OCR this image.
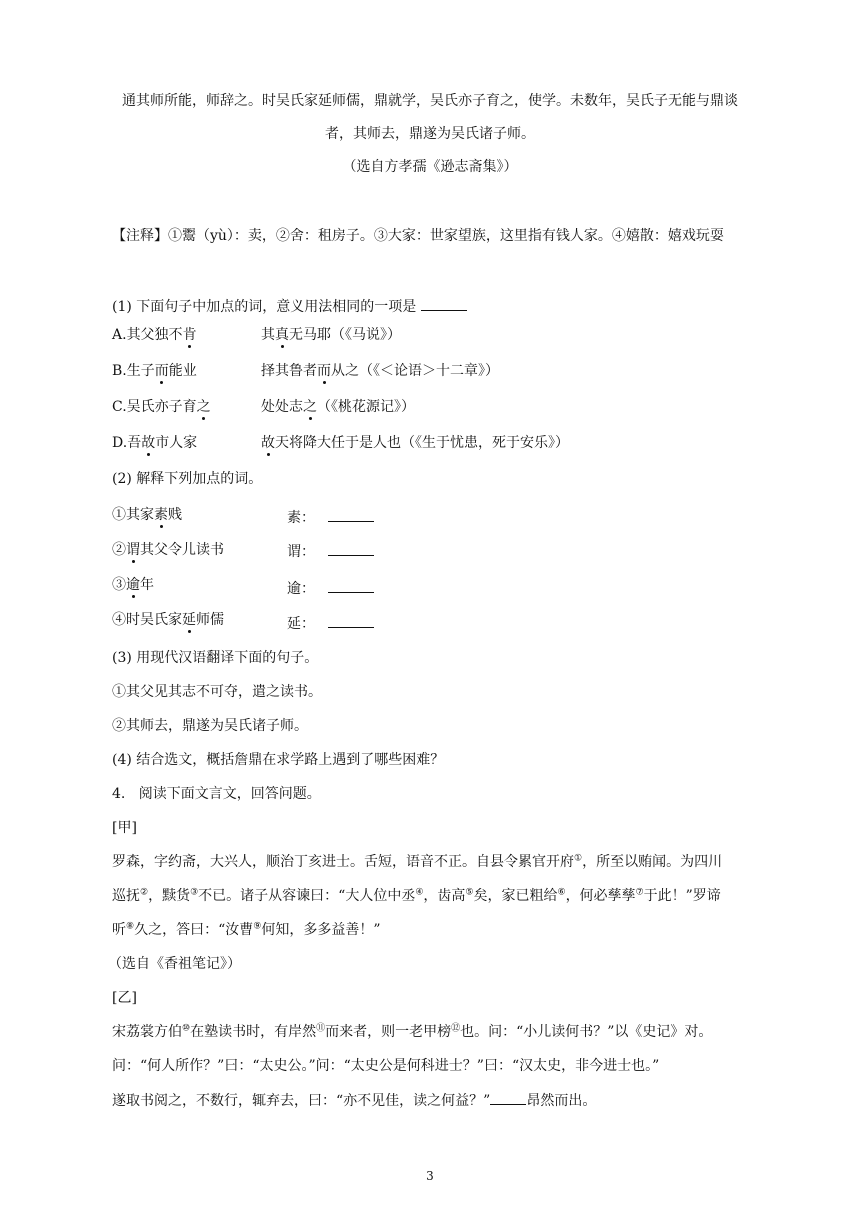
通其师所能，师辞之。时吴氏家延师儒，鼎就学，吴氏亦子育之，使学。未数年，吴氏子无能与鼎谈
者，其师去，鼎遂为吴氏诸子师。
（选自方孝孺《逊志斋集》）
【注释】①鬻（yù）：卖，②舍：租房子。③大家：世家望族，这里指有钱人家。④嬉散：嬉戏玩耍
(1) 下面句子中加点的词，意义用法相同的一项是
A.其父独不肯	其真无马耶（《马说》）
B.生子而能业	择其鲁者而从之（《＜论语＞十二章》）
C.吴氏亦子育之	处处志之（《桃花源记》）
D.吾故市人家	故天将降大任于是人也（《生于忧患，死于安乐》）
(2) 解释下列加点的词。
①其家素贱	素：
②谓其父令儿读书	谓：
③逾年	逾：
④时吴氏家延师儒	延：
(3) 用现代汉语翻译下面的句子。
①其父见其志不可夺，遣之读书。
②其师去，鼎遂为吴氏诸子师。
(4) 结合选文，概括詹鼎在求学路上遇到了哪些困难？
4. 阅读下面文言文，回答问题。
[甲]
罗森，字约斋，大兴人，顺治丁亥进士。舌短，语音不正。自县令累官开府①，所至以贿闻。为四川
巡抚②，黩货③不已。诸子从容谏曰：“大人位中丞④，齿高⑤矣，家已粗给⑥，何必孳孳⑦于此！”罗谛
听⑧久之，答曰：“汝曹⑨何知，多多益善！”
（选自《香祖笔记》）
[乙]
宋荔裳方伯⑩在塾读书时，有岸然⑪而来者，则一老甲榜⑫也。问：“小儿读何书？”以《史记》对。
问：“何人所作？”曰：“太史公。”问：“太史公是何科进士？”曰：“汉太史，非今进士也。”
遂取书阅之，不数行，辄弃去，曰：“亦不见佳，读之何益？”	昂然而出。
3
